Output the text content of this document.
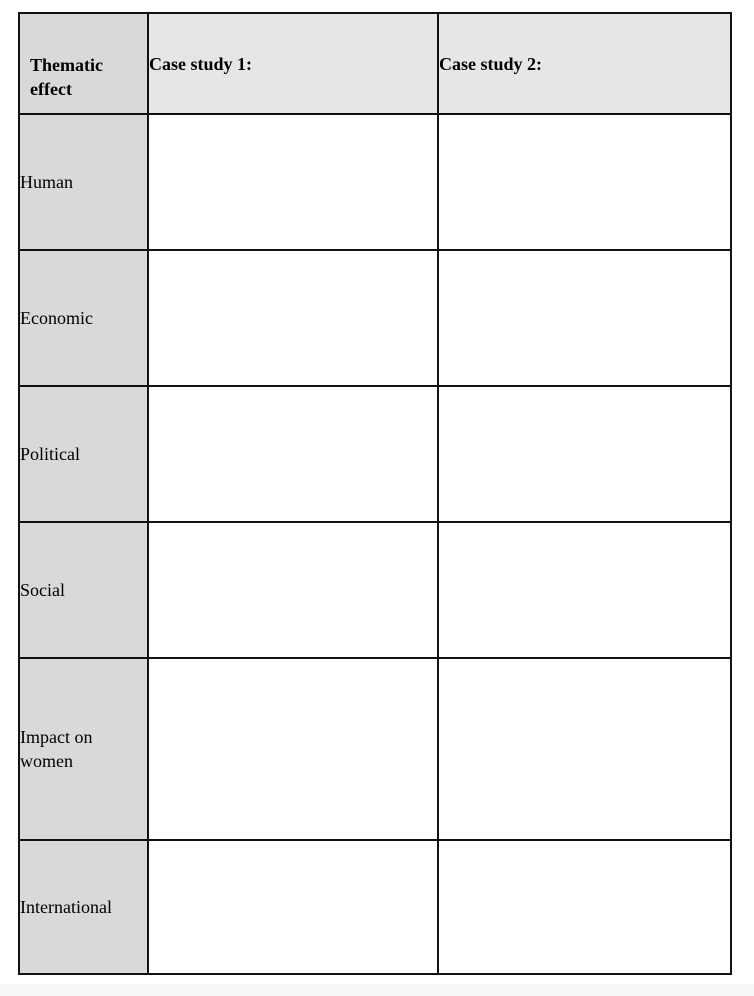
Thematic effect	Case study 1:	Case study 2:
Human		
Economic		
Political		
Social		
Impact on women		
International		
